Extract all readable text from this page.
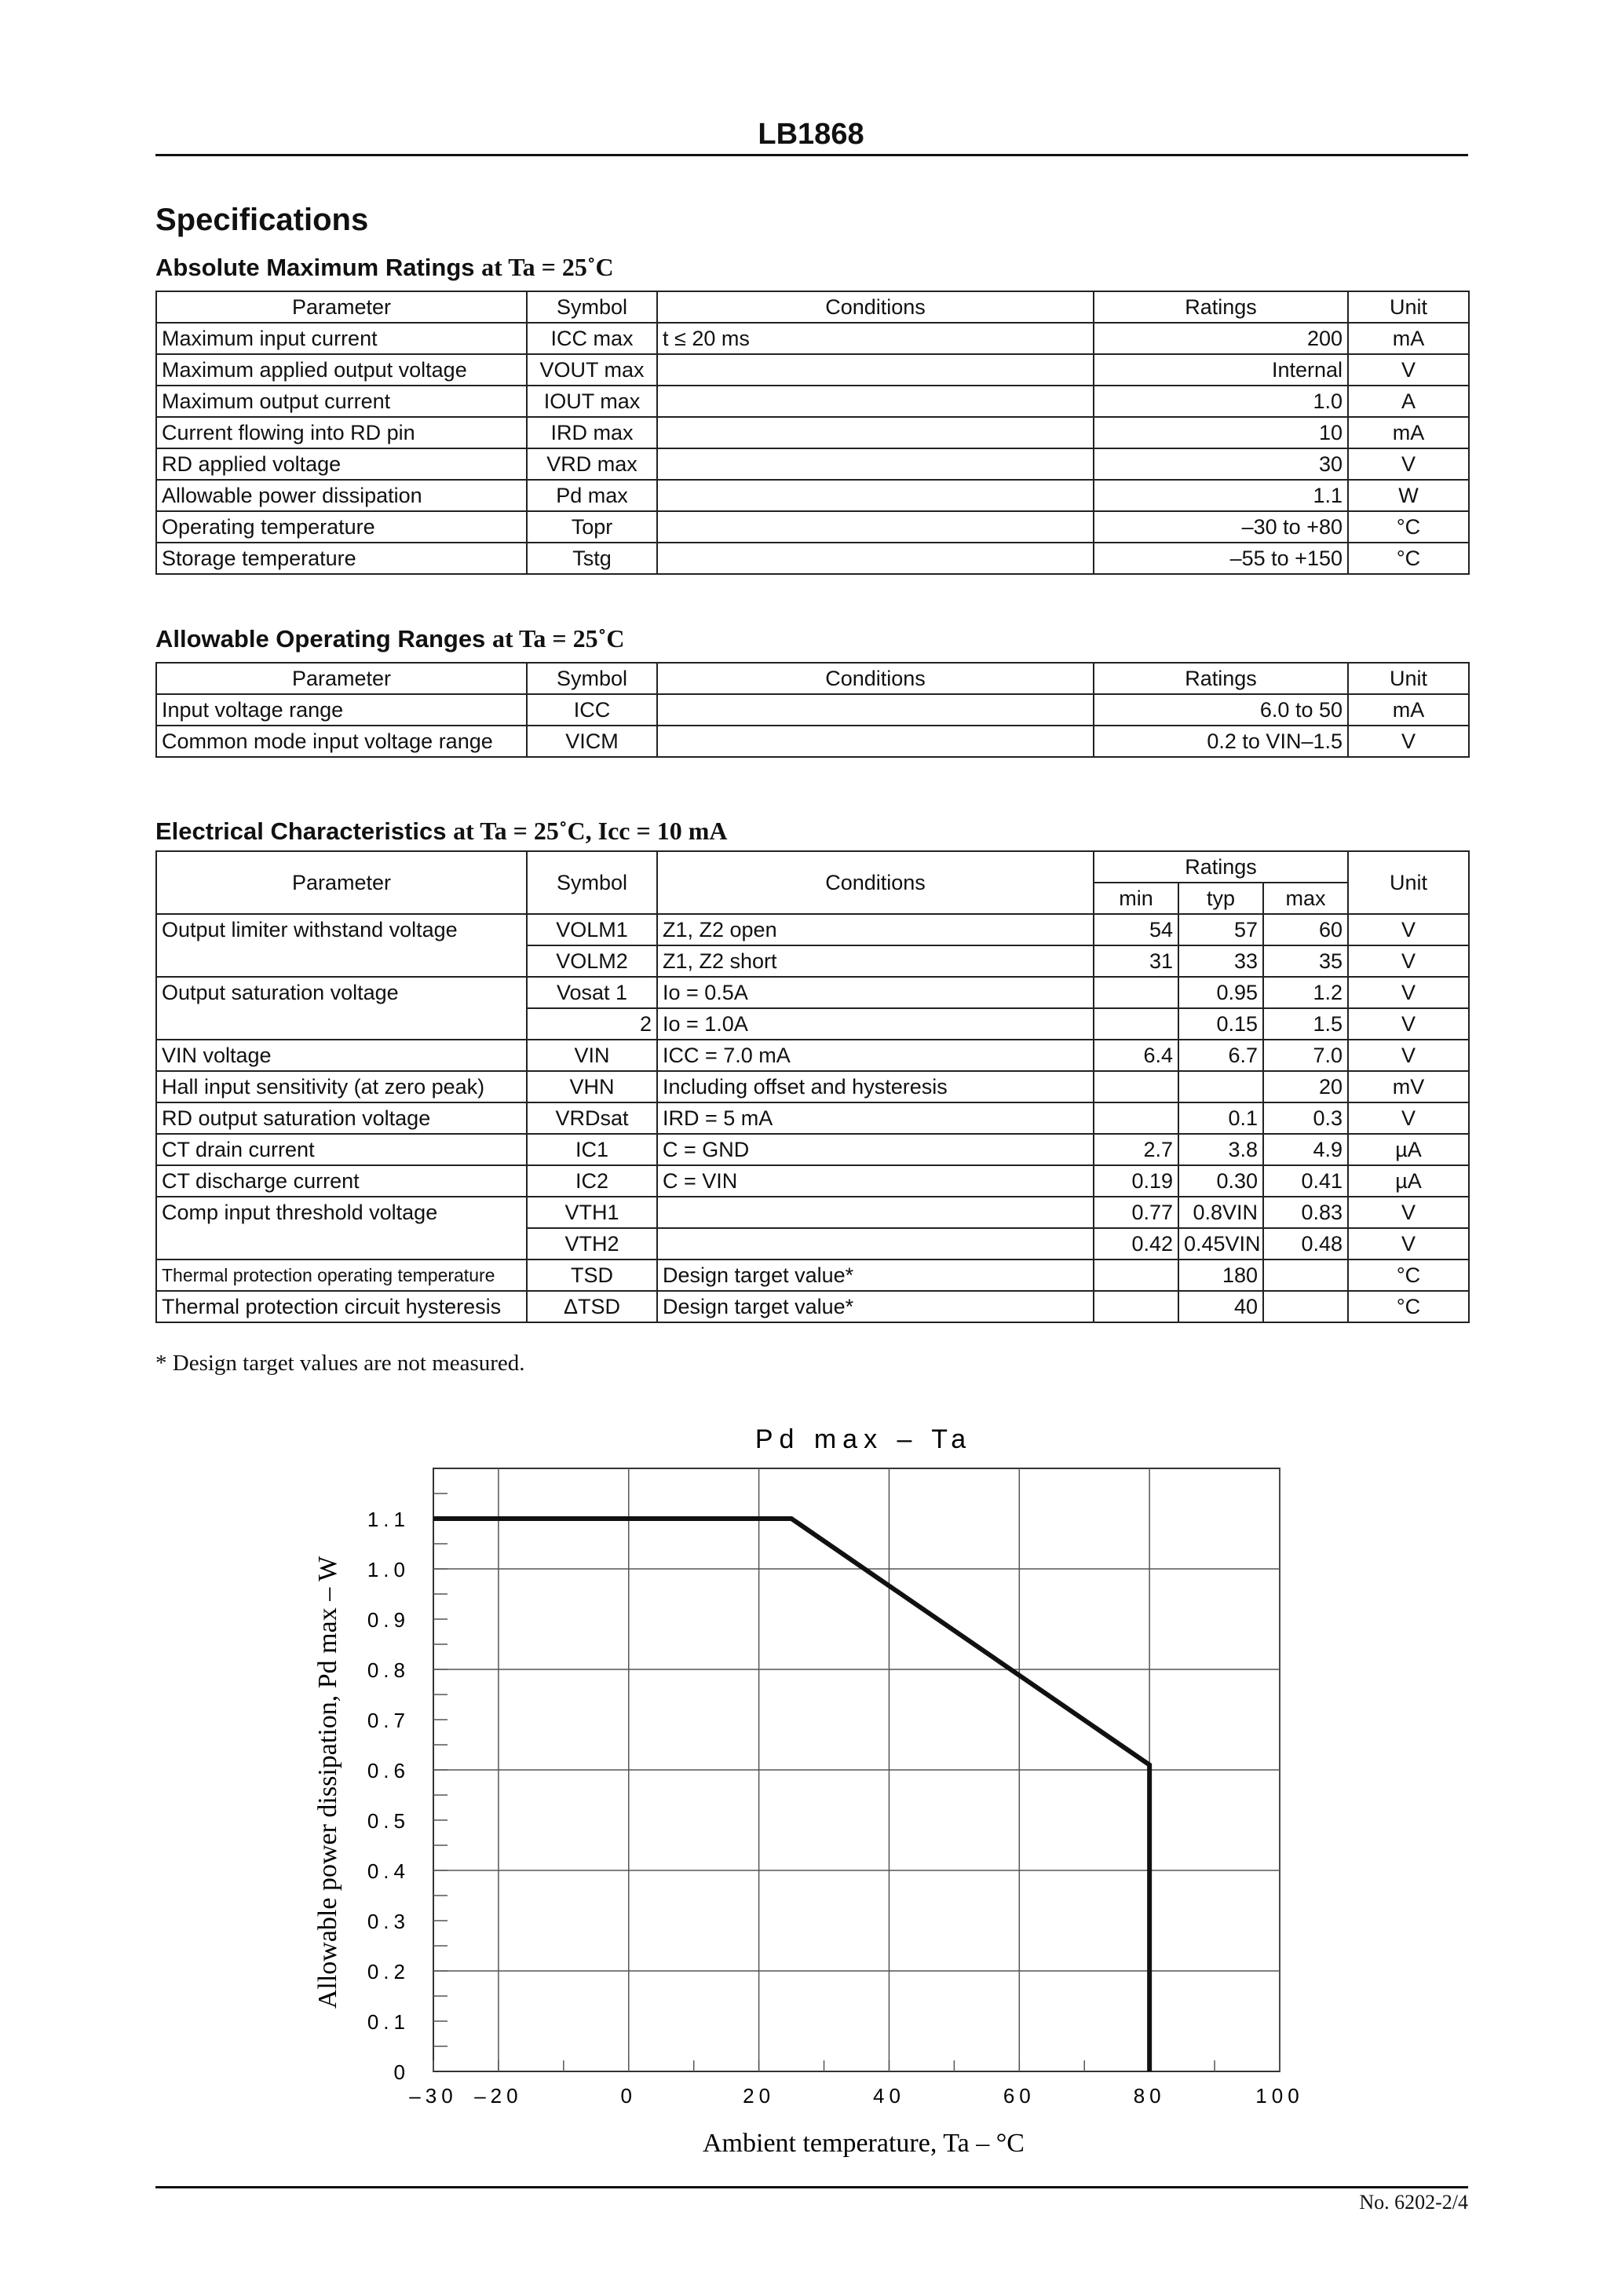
LB1868
Specifications
Absolute Maximum Ratings at Ta = 25˚C
Parameter	Symbol	Conditions	Ratings	Unit
Maximum input current	ICC max	t ≤ 20 ms	200	mA
Maximum applied output voltage	VOUT max		Internal	V
Maximum output current	IOUT max		1.0	A
Current flowing into RD pin	IRD max		10	mA
RD applied voltage	VRD max		30	V
Allowable power dissipation	Pd max		1.1	W
Operating temperature	Topr		–30 to +80	°C
Storage temperature	Tstg		–55 to +150	°C
Allowable Operating Ranges at Ta = 25˚C
Parameter	Symbol	Conditions	Ratings	Unit
Input voltage range	ICC		6.0 to 50	mA
Common mode input voltage range	VICM		0.2 to VIN–1.5	V
Electrical Characteristics at Ta = 25˚C, Icc = 10 mA
Parameter	Symbol	Conditions	Ratings			Unit
			min	typ	max	
Output limiter withstand voltage	VOLM1	Z1, Z2 open	54	57	60	V
	VOLM2	Z1, Z2 short	31	33	35	V
Output saturation voltage	Vosat 1	Io = 0.5A		0.95	1.2	V
	2	Io = 1.0A		0.15	1.5	V
VIN voltage	VIN	ICC = 7.0 mA	6.4	6.7	7.0	V
Hall input sensitivity (at zero peak)	VHN	Including offset and hysteresis			20	mV
RD output saturation voltage	VRDsat	IRD = 5 mA		0.1	0.3	V
CT drain current	IC1	C = GND	2.7	3.8	4.9	µA
CT discharge current	IC2	C = VIN	0.19	0.30	0.41	µA
Comp input threshold voltage	VTH1		0.77	0.8VIN	0.83	V
	VTH2		0.42	0.45VIN	0.48	V
Thermal protection operating temperature	TSD	Design target value*		180		°C
Thermal protection circuit hysteresis	ΔTSD	Design target value*		40		°C
* Design target values are not measured.
Pd max – Ta
0
0.1
0.2
0.3
0.4
0.5
0.6
0.7
0.8
0.9
1.0
1.1
–30 –20	0	20	40	60	80	100
Ambient temperature, Ta – °C
Allowable power dissipation, Pd max – W
No. 6202-2/4
